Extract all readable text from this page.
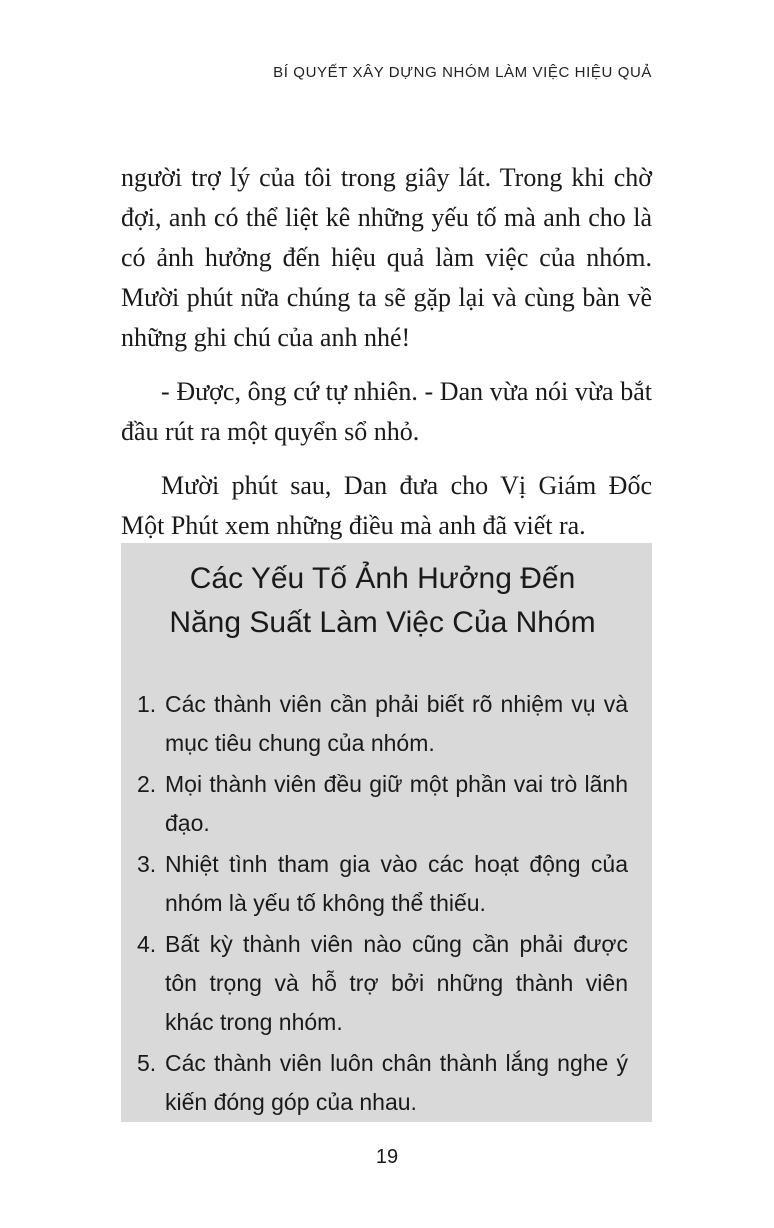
BÍ QUYẾT XÂY DỰNG NHÓM LÀM VIỆC HIỆU QUẢ

người trợ lý của tôi trong giây lát. Trong khi chờ đợi, anh có thể liệt kê những yếu tố mà anh cho là có ảnh hưởng đến hiệu quả làm việc của nhóm. Mười phút nữa chúng ta sẽ gặp lại và cùng bàn về những ghi chú của anh nhé!

- Được, ông cứ tự nhiên. - Dan vừa nói vừa bắt đầu rút ra một quyển sổ nhỏ.

Mười phút sau, Dan đưa cho Vị Giám Đốc Một Phút xem những điều mà anh đã viết ra.

Các Yếu Tố Ảnh Hưởng Đến
Năng Suất Làm Việc Của Nhóm
1. Các thành viên cần phải biết rõ nhiệm vụ và mục tiêu chung của nhóm.
2. Mọi thành viên đều giữ một phần vai trò lãnh đạo.
3. Nhiệt tình tham gia vào các hoạt động của nhóm là yếu tố không thể thiếu.
4. Bất kỳ thành viên nào cũng cần phải được tôn trọng và hỗ trợ bởi những thành viên khác trong nhóm.
5. Các thành viên luôn chân thành lắng nghe ý kiến đóng góp của nhau.
19
